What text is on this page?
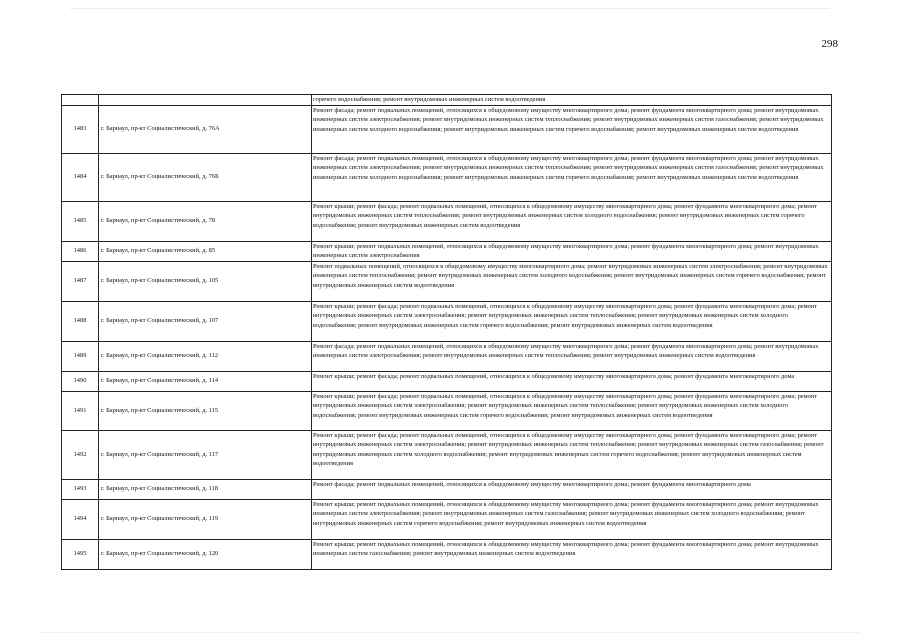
298
		горячего водоснабжения; ремонт внутридомовых инженерных систем водоотведения
1483	г. Барнаул, пр-кт Социалистический, д. 76А	Ремонт фасада; ремонт подвальных помещений, относящихся к общедомовому имуществу многоквартирного дома; ремонт фундамента многоквартирного дома; ремонт внутридомовых инженерных систем электроснабжения; ремонт внутридомовых инженерных систем теплоснабжения; ремонт внутридомовых инженерных систем газоснабжения; ремонт внутридомовых инженерных систем холодного водоснабжения; ремонт внутридомовых инженерных систем горячего водоснабжения; ремонт внутридомовых инженерных систем водоотведения
1484	г. Барнаул, пр-кт Социалистический, д. 76Б	Ремонт фасада; ремонт подвальных помещений, относящихся к общедомовому имуществу многоквартирного дома; ремонт фундамента многоквартирного дома; ремонт внутридомовых инженерных систем электроснабжения; ремонт внутридомовых инженерных систем теплоснабжения; ремонт внутридомовых инженерных систем газоснабжения; ремонт внутридомовых инженерных систем холодного водоснабжения; ремонт внутридомовых инженерных систем горячего водоснабжения; ремонт внутридомовых инженерных систем водоотведения
1485	г. Барнаул, пр-кт Социалистический, д. 78	Ремонт крыши; ремонт фасада; ремонт подвальных помещений, относящихся к общедомовому имуществу многоквартирного дома; ремонт фундамента многоквартирного дома; ремонт внутридомовых инженерных систем теплоснабжения; ремонт внутридомовых инженерных систем холодного водоснабжения; ремонт внутридомовых инженерных систем горячего водоснабжения; ремонт внутридомовых инженерных систем водоотведения
1486	г. Барнаул, пр-кт Социалистический, д. 85	Ремонт крыши; ремонт подвальных помещений, относящихся к общедомовому имуществу многоквартирного дома; ремонт фундамента многоквартирного дома; ремонт внутридомовых инженерных систем электроснабжения
1487	г. Барнаул, пр-кт Социалистический, д. 105	Ремонт подвальных помещений, относящихся к общедомовому имуществу многоквартирного дома; ремонт внутридомовых инженерных систем электроснабжения; ремонт внутридомовых инженерных систем теплоснабжения; ремонт внутридомовых инженерных систем холодного водоснабжения; ремонт внутридомовых инженерных систем горячего водоснабжения; ремонт внутридомовых инженерных систем водоотведения
1488	г. Барнаул, пр-кт Социалистический, д. 107	Ремонт крыши; ремонт фасада; ремонт подвальных помещений, относящихся к общедомовому имуществу многоквартирного дома; ремонт фундамента многоквартирного дома; ремонт внутридомовых инженерных систем электроснабжения; ремонт внутридомовых инженерных систем теплоснабжения; ремонт внутридомовых инженерных систем холодного водоснабжения; ремонт внутридомовых инженерных систем горячего водоснабжения; ремонт внутридомовых инженерных систем водоотведения
1489	г. Барнаул, пр-кт Социалистический, д. 112	Ремонт фасада; ремонт подвальных помещений, относящихся к общедомовому имуществу многоквартирного дома; ремонт фундамента многоквартирного дома; ремонт внутридомовых инженерных систем электроснабжения; ремонт внутридомовых инженерных систем теплоснабжения; ремонт внутридомовых инженерных систем водоотведения
1490	г. Барнаул, пр-кт Социалистический, д. 114	Ремонт крыши; ремонт фасада; ремонт подвальных помещений, относящихся к общедомовому имуществу многоквартирного дома; ремонт фундамента многоквартирного дома
1491	г. Барнаул, пр-кт Социалистический, д. 115	Ремонт крыши; ремонт фасада; ремонт подвальных помещений, относящихся к общедомовому имуществу многоквартирного дома; ремонт фундамента многоквартирного дома; ремонт внутридомовых инженерных систем электроснабжения; ремонт внутридомовых инженерных систем теплоснабжения; ремонт внутридомовых инженерных систем холодного водоснабжения; ремонт внутридомовых инженерных систем горячего водоснабжения; ремонт внутридомовых инженерных систем водоотведения
1492	г. Барнаул, пр-кт Социалистический, д. 117	Ремонт крыши; ремонт фасада; ремонт подвальных помещений, относящихся к общедомовому имуществу многоквартирного дома; ремонт фундамента многоквартирного дома; ремонт внутридомовых инженерных систем электроснабжения; ремонт внутридомовых инженерных систем теплоснабжения; ремонт внутридомовых инженерных систем газоснабжения; ремонт внутридомовых инженерных систем холодного водоснабжения; ремонт внутридомовых инженерных систем горячего водоснабжения; ремонт внутридомовых инженерных систем водоотведения
1493	г. Барнаул, пр-кт Социалистический, д. 118	Ремонт фасада; ремонт подвальных помещений, относящихся к общедомовому имуществу многоквартирного дома; ремонт фундамента многоквартирного дома
1494	г. Барнаул, пр-кт Социалистический, д. 119	Ремонт крыши; ремонт подвальных помещений, относящихся к общедомовому имуществу многоквартирного дома; ремонт фундамента многоквартирного дома; ремонт внутридомовых инженерных систем электроснабжения; ремонт внутридомовых инженерных систем газоснабжения; ремонт внутридомовых инженерных систем холодного водоснабжения; ремонт внутридомовых инженерных систем горячего водоснабжения; ремонт внутридомовых инженерных систем водоотведения
1495	г. Барнаул, пр-кт Социалистический, д. 120	Ремонт крыши; ремонт подвальных помещений, относящихся к общедомовому имуществу многоквартирного дома; ремонт фундамента многоквартирного дома; ремонт внутридомовых инженерных систем газоснабжения; ремонт внутридомовых инженерных систем водоотведения
